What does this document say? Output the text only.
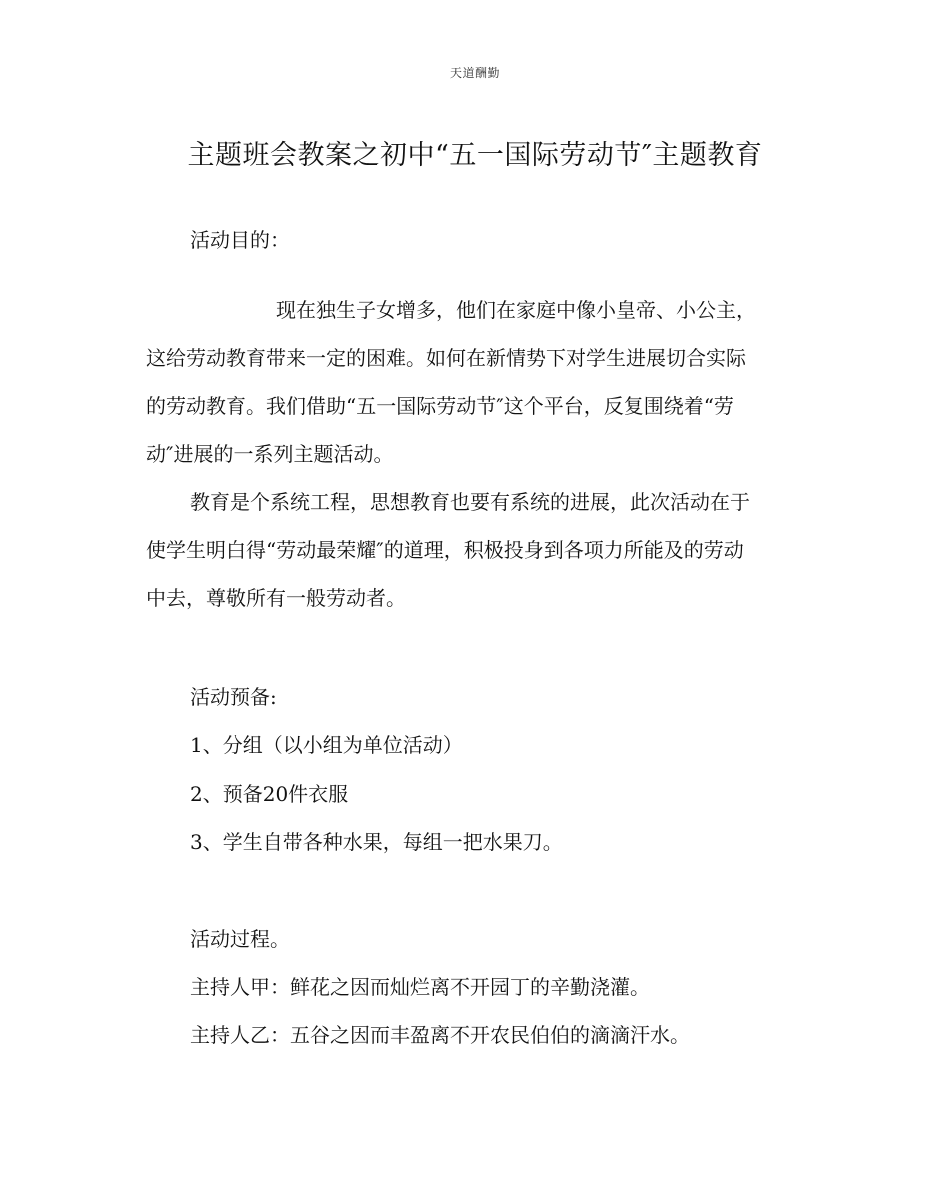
天道酬勤
主题班会教案之初中“五一国际劳动节″主题教育
活动目的：
现在独生子女增多，他们在家庭中像小皇帝、小公主，
这给劳动教育带来一定的困难。如何在新情势下对学生进展切合实际
的劳动教育。我们借助“五一国际劳动节″这个平台，反复围绕着“劳
动″进展的一系列主题活动。
教育是个系统工程，思想教育也要有系统的进展，此次活动在于
使学生明白得“劳动最荣耀″的道理，积极投身到各项力所能及的劳动
中去，尊敬所有一般劳动者。
活动预备:
1、分组（以小组为单位活动）
2、预备20件衣服
3、学生自带各种水果，每组一把水果刀。
活动过程。
主持人甲：鲜花之因而灿烂离不开园丁的辛勤浇灌。
主持人乙：五谷之因而丰盈离不开农民伯伯的滴滴汗水。
